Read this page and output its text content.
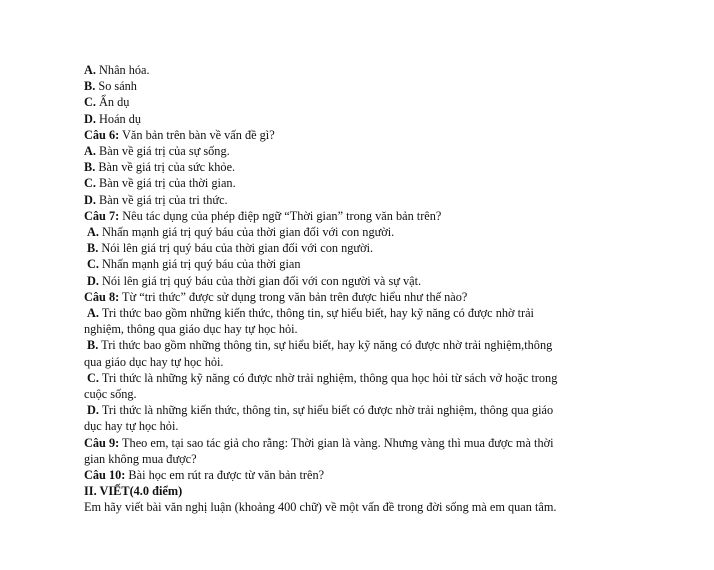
A. Nhân hóa.
B. So sánh
C. Ẩn dụ
D. Hoán dụ
Câu 6: Văn bản trên bàn về vấn đề gì?
A. Bàn về giá trị của sự sống.
B. Bàn về giá trị của sức khỏe.
C. Bàn về giá trị của thời gian.
D. Bàn về giá trị của tri thức.
Câu 7: Nêu tác dụng của phép điệp ngữ “Thời gian” trong văn bản trên?
A. Nhấn mạnh giá trị quý báu của thời gian đối với con người.
B. Nói lên giá trị quý báu của thời gian đối với con người.
C. Nhấn mạnh giá trị quý báu của thời gian
D. Nói lên giá trị quý báu của thời gian đối với con người và sự vật.
Câu 8: Từ “tri thức” được sử dụng trong văn bản trên được hiểu như thế nào?
A. Tri thức bao gồm những kiến thức, thông tin, sự hiểu biết, hay kỹ năng có được nhờ trải
nghiệm, thông qua giáo dục hay tự học hỏi.
B. Tri thức bao gồm những thông tin, sự hiểu biết, hay kỹ năng có được nhờ trải nghiệm,thông
qua giáo dục hay tự học hỏi.
C. Tri thức là những kỹ năng có được nhờ trải nghiệm, thông qua học hỏi từ sách vở hoặc trong
cuộc sống.
D. Tri thức là những kiến thức, thông tin, sự hiểu biết có được nhờ trải nghiệm, thông qua giáo
dục hay tự học hỏi.
Câu 9: Theo em, tại sao tác giả cho rằng: Thời gian là vàng. Nhưng vàng thì mua được mà thời
gian không mua được?
Câu 10: Bài học em rút ra được từ văn bản trên?
II. VIẾT(4.0 điểm)
Em hãy viết bài văn nghị luận (khoảng 400 chữ) về một vấn đề trong đời sống mà em quan tâm.
